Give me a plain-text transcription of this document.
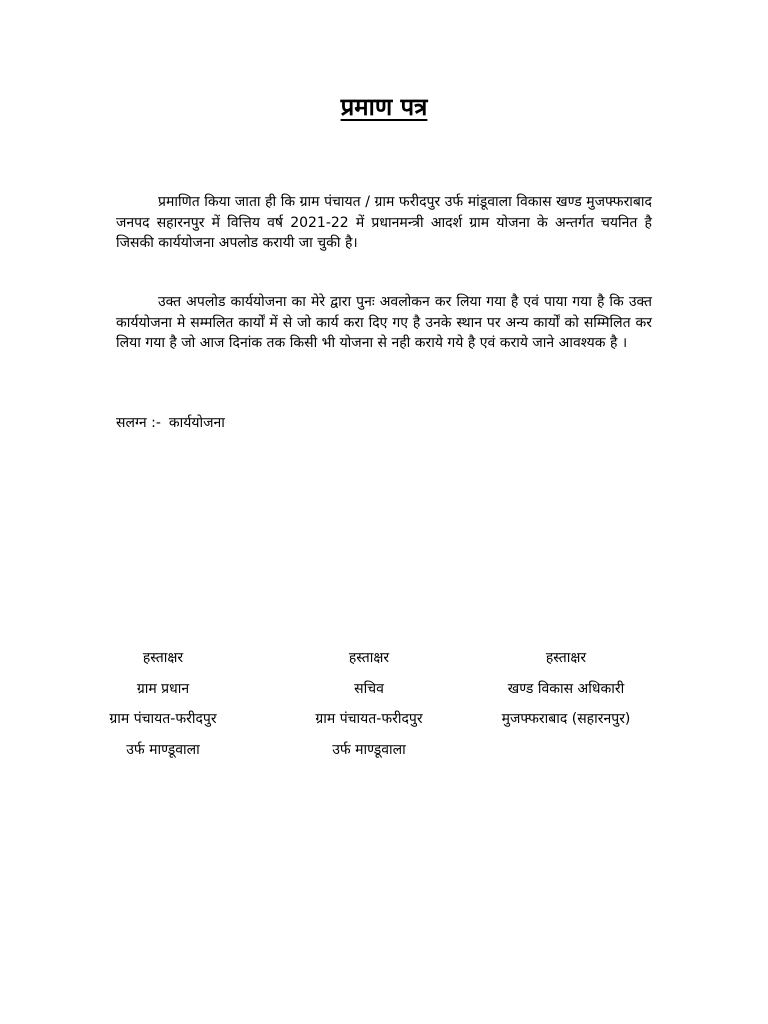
प्रमाण पत्र

प्रमाणित किया जाता ही कि ग्राम पंचायत / ग्राम फरीदपुर उर्फ मांडूवाला विकास खण्ड मुजफ्फराबाद जनपद सहारनपुर में वित्तिय वर्ष 2021-22 में प्रधानमन्त्री आदर्श ग्राम योजना के अन्तर्गत चयनित है जिसकी कार्ययोजना अपलोड करायी जा चुकी है।

उक्त अपलोड कार्ययोजना का मेरे द्वारा पुनः अवलोकन कर लिया गया है एवं पाया गया है कि उक्त कार्ययोजना मे सम्मलित कार्यों में से जो कार्य करा दिए गए है उनके स्थान पर अन्य कार्यों को सम्मिलित कर लिया गया है जो आज दिनांक तक किसी भी योजना से नही कराये गये है एवं कराये जाने आवश्यक है ।

सलग्न :- कार्ययोजना

हस्ताक्षर
ग्राम प्रधान
ग्राम पंचायत-फरीदपुर
उर्फ माण्डूवाला
हस्ताक्षर
सचिव
ग्राम पंचायत-फरीदपुर
उर्फ माण्डूवाला
हस्ताक्षर
खण्ड विकास अधिकारी
मुजफ्फराबाद (सहारनपुर)
